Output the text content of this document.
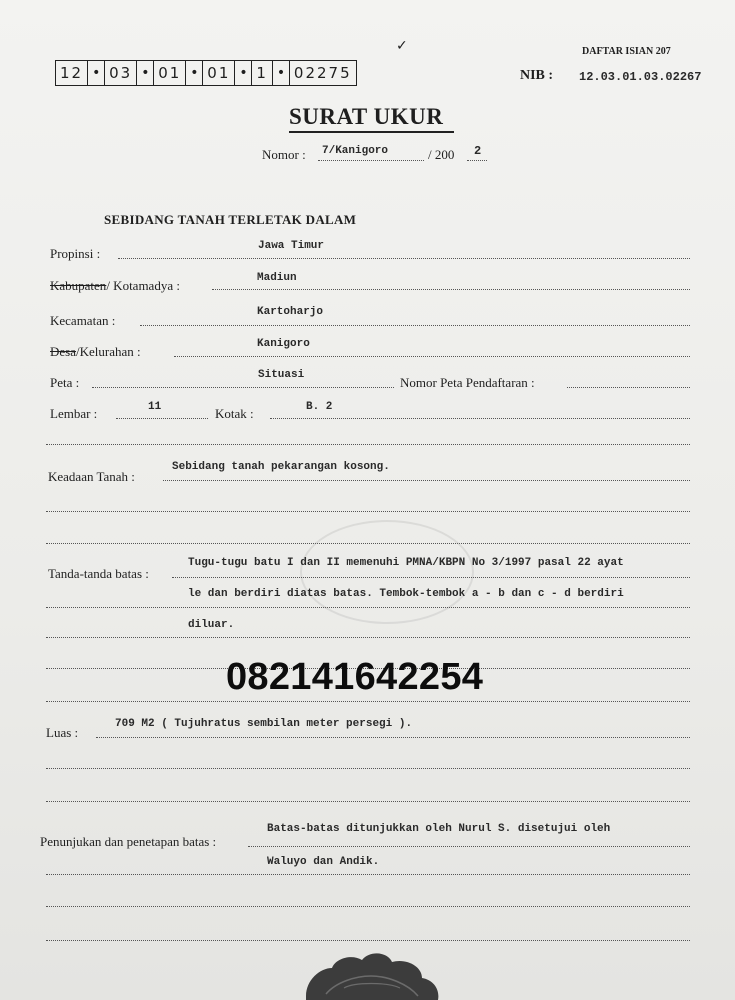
12 • 03 • 01 • 01 • 1 • 02275
✓	DAFTAR ISIAN 207
NIB : 12.03.01.03.02267
SURAT UKUR
Nomor : 7/Kanigoro	/ 200 2
SEBIDANG TANAH TERLETAK DALAM
Propinsi :	Jawa Timur
Kabupaten/ Kotamadya :	Madiun
Kecamatan :
Kartoharjo
Desa/Kelurahan :	Kanigoro
Peta :	Situasi	Nomor Peta Pendaftaran :
Lembar :	11	Kotak :	B. 2
Keadaan Tanah :
Sebidang tanah pekarangan kosong.
Tanda-tanda batas :
Tugu-tugu batu I dan II memenuhi PMNA/KBPN No 3/1997 pasal 22 ayat
le dan berdiri diatas batas. Tembok-tembok a - b dan c - d berdiri
diluar.
082141642254
Luas :
709 M2 ( Tujuhratus sembilan meter persegi ).
Penunjukan dan penetapan batas :
Batas-batas ditunjukkan oleh Nurul S. disetujui oleh
Waluyo dan Andik.
